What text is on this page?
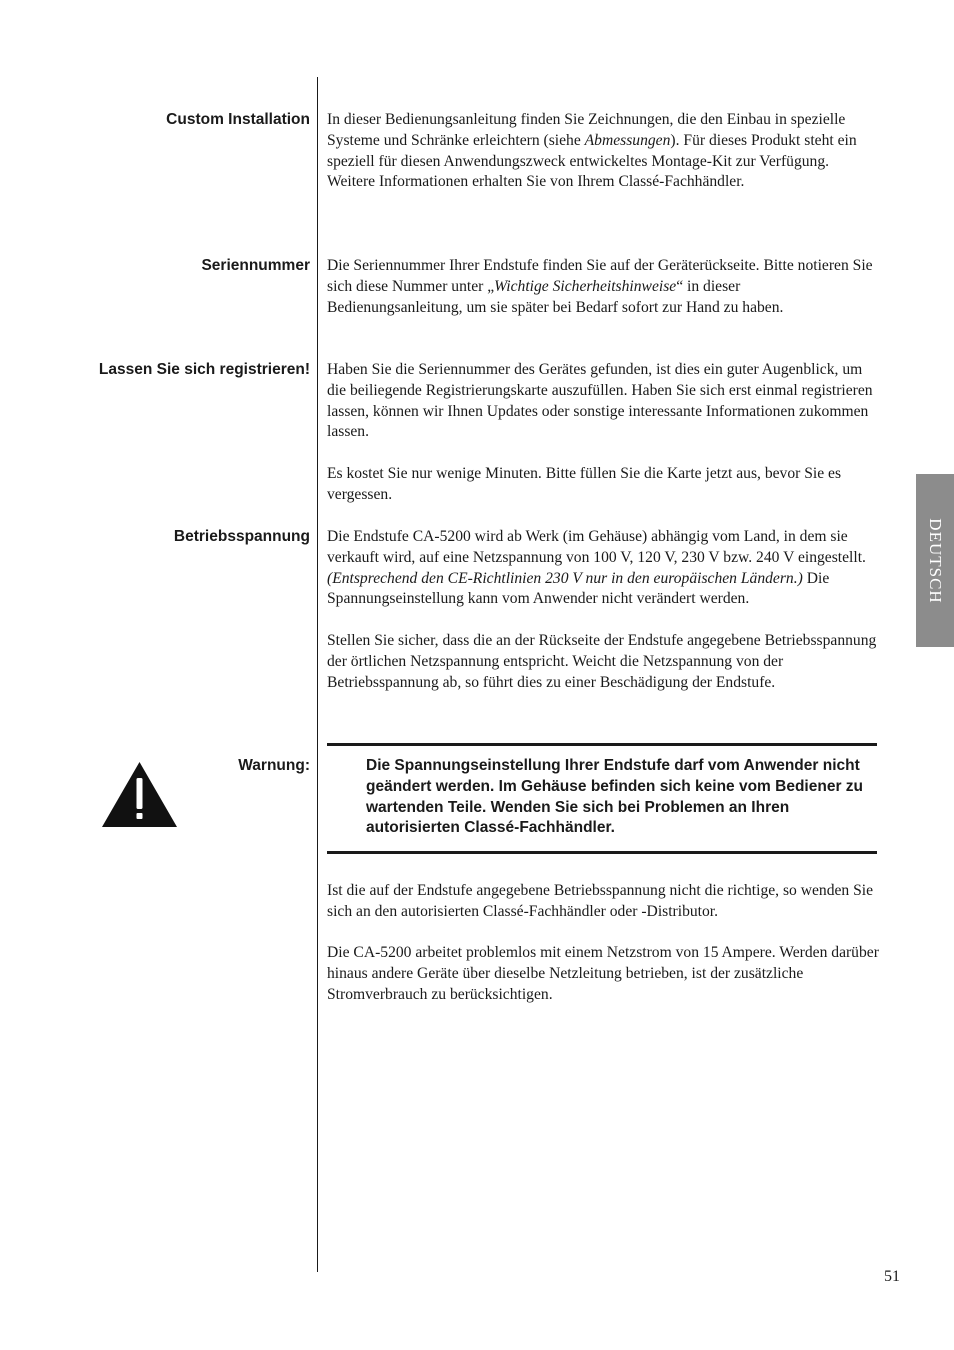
Custom Installation In dieser Bedienungsanleitung finden Sie Zeichnungen, die den Einbau in spezielle Systeme und Schränke erleichtern (siehe Abmessungen). Für dieses Produkt steht ein speziell für diesen Anwendungszweck entwickeltes Montage-Kit zur Verfügung. Weitere Informationen erhalten Sie von Ihrem Classé-Fachhändler.

Seriennummer Die Seriennummer Ihrer Endstufe finden Sie auf der Geräterückseite. Bitte notieren Sie sich diese Nummer unter „Wichtige Sicherheitshinweise“ in dieser Bedienungsanleitung, um sie später bei Bedarf sofort zur Hand zu haben.

Lassen Sie sich registrieren! Haben Sie die Seriennummer des Gerätes gefunden, ist dies ein guter Augenblick, um die beiliegende Registrierungskarte auszufüllen. Haben Sie sich erst einmal registrieren lassen, können wir Ihnen Updates oder sonstige interessante Informationen zukommen lassen.

Es kostet Sie nur wenige Minuten. Bitte füllen Sie die Karte jetzt aus, bevor Sie es vergessen.

Betriebsspannung Die Endstufe CA-5200 wird ab Werk (im Gehäuse) abhängig vom Land, in dem sie verkauft wird, auf eine Netzspannung von 100 V, 120 V, 230 V bzw. 240 V eingestellt. (Entsprechend den CE-Richtlinien 230 V nur in den europäischen Ländern.) Die Spannungseinstellung kann vom Anwender nicht verändert werden.

Stellen Sie sicher, dass die an der Rückseite der Endstufe angegebene Betriebsspannung der örtlichen Netzspannung entspricht. Weicht die Netzspannung von der Betriebsspannung ab, so führt dies zu einer Beschädigung der Endstufe.

Warnung:	Die Spannungseinstellung Ihrer Endstufe darf vom Anwender nicht geändert werden. Im Gehäuse befinden sich keine vom Bediener zu wartenden Teile. Wenden Sie sich bei Problemen an Ihren autorisierten Classé-Fachhändler.

Ist die auf der Endstufe angegebene Betriebsspannung nicht die richtige, so wenden Sie sich an den autorisierten Classé-Fachhändler oder -Distributor.

Die CA-5200 arbeitet problemlos mit einem Netzstrom von 15 Ampere. Werden darüber hinaus andere Geräte über dieselbe Netzleitung betrieben, ist der zusätzliche Stromverbrauch zu berücksichtigen.

DEUTSCH
51
